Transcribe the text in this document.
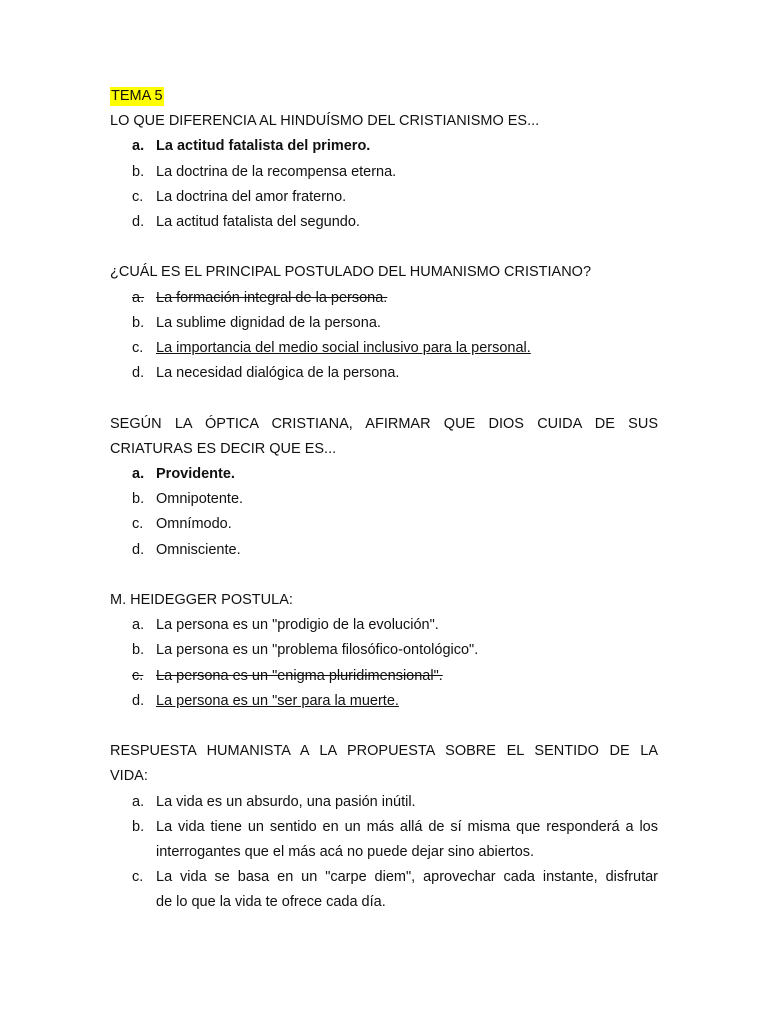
TEMA 5
LO QUE DIFERENCIA AL HINDUÍSMO DEL CRISTIANISMO ES...
a. La actitud fatalista del primero.
b. La doctrina de la recompensa eterna.
c. La doctrina del amor fraterno.
d. La actitud fatalista del segundo.
¿CUÁL ES EL PRINCIPAL POSTULADO DEL HUMANISMO CRISTIANO?
a. La formación integral de la persona.
b. La sublime dignidad de la persona.
c. La importancia del medio social inclusivo para la personal.
d. La necesidad dialógica de la persona.
SEGÚN LA ÓPTICA CRISTIANA, AFIRMAR QUE DIOS CUIDA DE SUS
CRIATURAS ES DECIR QUE ES...
a. Providente.
b. Omnipotente.
c. Omnímodo.
d. Omnisciente.
M. HEIDEGGER POSTULA:
a. La persona es un "prodigio de la evolución".
b. La persona es un "problema filosófico-ontológico".
c. La persona es un "enigma pluridimensional".
d. La persona es un "ser para la muerte.
RESPUESTA HUMANISTA A LA PROPUESTA SOBRE EL SENTIDO DE LA
VIDA:
a. La vida es un absurdo, una pasión inútil.
b. La vida tiene un sentido en un más allá de sí misma que responderá a los
interrogantes que el más acá no puede dejar sino abiertos.
c. La vida se basa en un "carpe diem", aprovechar cada instante, disfrutar
de lo que la vida te ofrece cada día.
